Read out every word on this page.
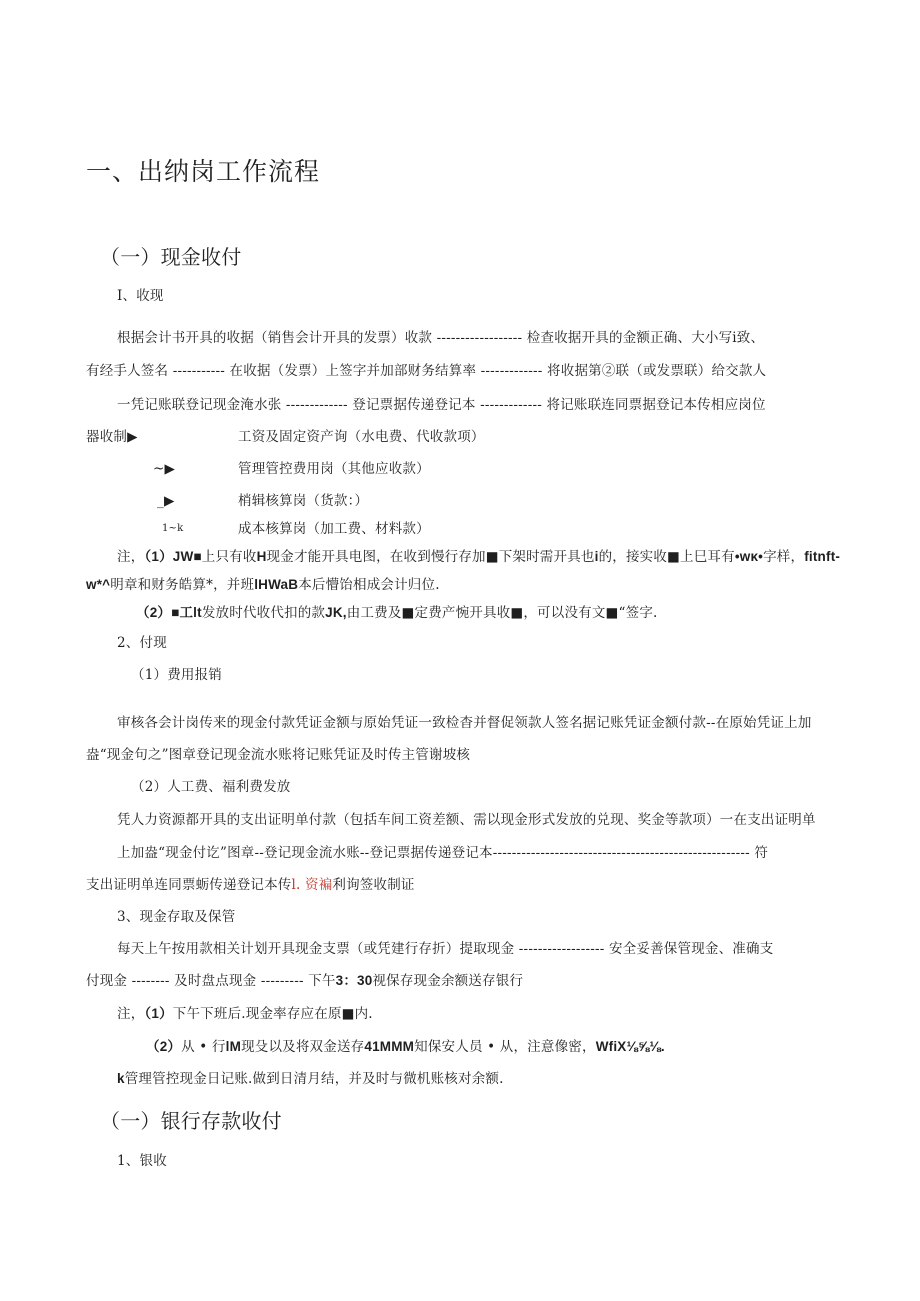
一、出纳岗工作流程
（一）现金收付
I、收现
根据会计书开具的收据（销售会计开具的发票）收款 ------------------ 检查收据开具的金额正确、大小写i致、
有经手人签名 ----------- 在收据（发票）上签字并加部财务结算率 ------------- 将收据第②联（或发票联）给交款人
一凭记账联登记现金淹水张 ------------- 登记票据传递登记本 ------------- 将记账联连同票据登记本传相应岗位
器收制▶	工资及固定资产询（水电费、代收款项）
~▶	管理管控费用岗（其他应收款）
_▶	梢辑核算岗（货款：）
1~k	成本核算岗（加工费、材料款）
注，（1）JW■上只有收H现金才能开具电图，在收到慢行存加■下架时需开具也i的，接实收■上巳耳有•wκ•字样，fitnft-
w*^明章和财务皓算*，并班lHWaB本后懵饴相成会计归位.
（2）■工lt发放时代收代扣的款JK,由工费及■定费产惋开具收■，可以没有文■“签字.
2、付现
（1）费用报销
审核各会计岗传来的现金付款凭证金额与原始凭证一致检杳并督促领款人签名据记账凭证金额付款--在原始凭证上加
盎“现金句之”图章登记现金流水账将记账凭证及时传主管谢坡核
（2）人工费、福利费发放
凭人力资源都开具的支出证明单付款（包括车间工资差额、需以现金形式发放的兑现、奖金等款项）一在支出证明单
上加盎“现金付讫”图章--登记现金流水账--登记票据传递登记本------------------------------------------------------ 符
支出证明单连同票蛎传递登记本传l. 资褊利询签收制证
3、现金存取及保管
每天上午按用款相关计划开具现金支票（或凭建行存折）提取现金 ------------------ 安全妥善保管现金、准确支
付现金 -------- 及时盘点现金 --------- 下午3：30视保存现金余额送存银行
注，（1）下午下班后.现金率存应在原■内.
（2）从 • 行lM现殳以及将双金送存41MMM知保安人员 • 从，注意像密，WfiX⅛⅝⅛.
k管理管控现金日记账.做到日清月结，并及时与微机账核对余额.
（一）银行存款收付
1、银收
